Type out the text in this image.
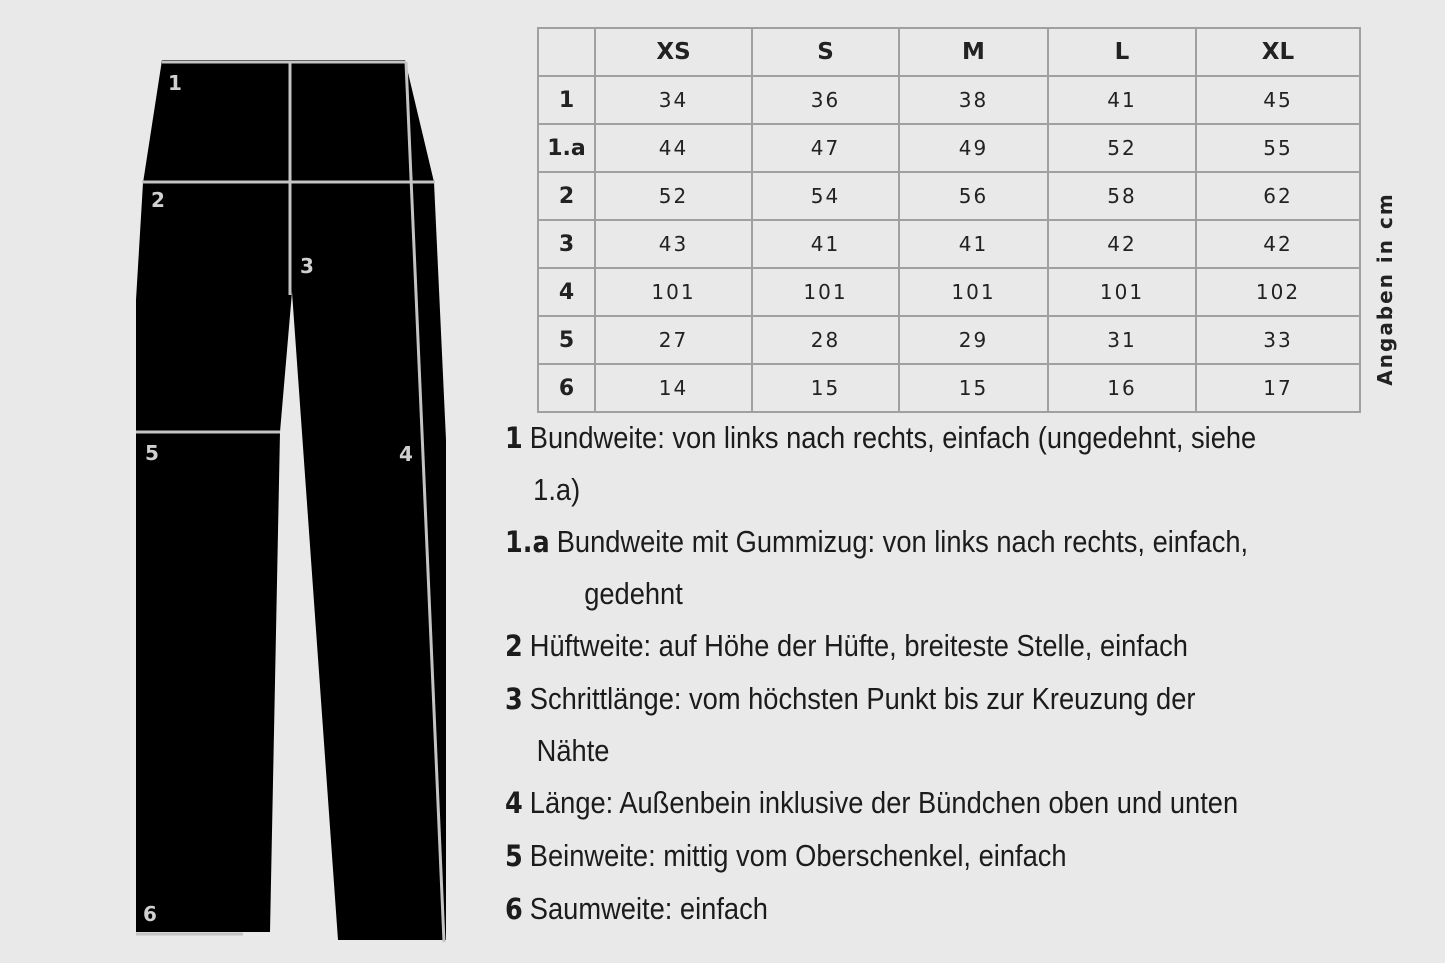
1
2
3
4
5
6
	XS	S	M	L	XL
1	34	36	38	41	45
1.a	44	47	49	52	55
2	52	54	56	58	62
3	43	41	41	42	42
4	101	101	101	101	102
5	27	28	29	31	33
6	14	15	15	16	17
Angaben in cm
1 Bundweite: von links nach rechts, einfach (ungedehnt, siehe
1.a)
1.a Bundweite mit Gummizug: von links nach rechts, einfach,
gedehnt
2 Hüftweite: auf Höhe der Hüfte, breiteste Stelle, einfach
3 Schrittlänge: vom höchsten Punkt bis zur Kreuzung der
Nähte
4 Länge: Außenbein inklusive der Bündchen oben und unten
5 Beinweite: mittig vom Oberschenkel, einfach
6 Saumweite: einfach
